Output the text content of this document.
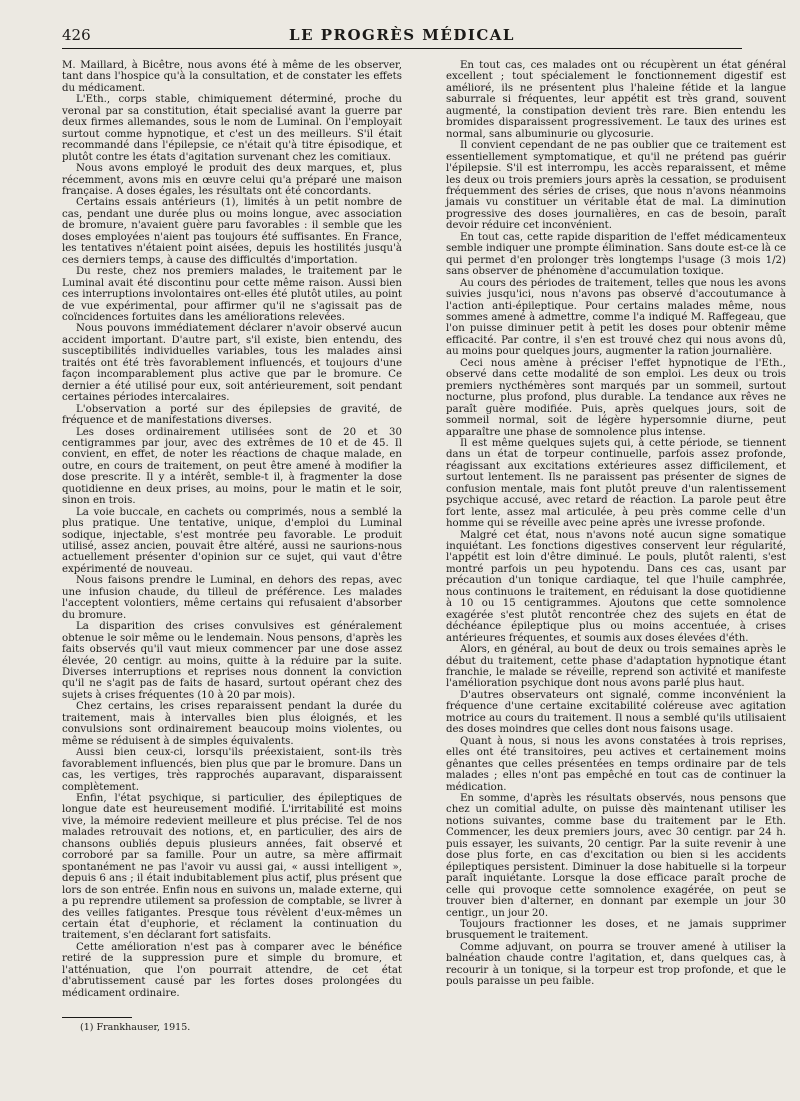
426	LE PROGRÈS MÉDICAL

M. Maillard, à Bicêtre, nous avons été à même de les observer, tant dans l'hospice qu'à la consultation, et de constater les effets du médicament.

L'Eth., corps stable, chimiquement déterminé, proche du veronal par sa constitution, était specialisé avant la guerre par deux firmes allemandes, sous le nom de Luminal. On l'employait surtout comme hypnotique, et c'est un des meilleurs. S'il était recommandé dans l'épilepsie, ce n'était qu'à titre épisodique, et plutôt contre les états d'agitation survenant chez les comitiaux.

Nous avons employé le produit des deux marques, et, plus récemment, avons mis en œuvre celui qu'a préparé une maison française. A doses égales, les résultats ont été concordants.

Certains essais antérieurs (1), limités à un petit nombre de cas, pendant une durée plus ou moins longue, avec association de bromure, n'avaient guère paru favorables : il semble que les doses employées n'aient pas toujours été suffisantes. En France, les tentatives n'étaient point aisées, depuis les hostilités jusqu'à ces derniers temps, à cause des difficultés d'importation.

Du reste, chez nos premiers malades, le traitement par le Luminal avait été discontinu pour cette même raison. Aussi bien ces interruptions involontaires ont-elles été plutôt utiles, au point de vue expérimental, pour affirmer qu'il ne s'agissait pas de coïncidences fortuites dans les améliorations relevées.

Nous pouvons immédiatement déclarer n'avoir observé aucun accident important. D'autre part, s'il existe, bien entendu, des susceptibilités individuelles variables, tous les malades ainsi traités ont été très favorablement influencés, et toujours d'une façon incomparablement plus active que par le bromure. Ce dernier a été utilisé pour eux, soit antérieurement, soit pendant certaines périodes intercalaires.

L'observation a porté sur des épilepsies de gravité, de fréquence et de manifestations diverses.

Les doses ordinairement utilisées sont de 20 et 30 centigrammes par jour, avec des extrêmes de 10 et de 45. Il convient, en effet, de noter les réactions de chaque malade, en outre, en cours de traitement, on peut être amené à modifier la dose prescrite. Il y a intérêt, semble-t il, à fragmenter la dose quotidienne en deux prises, au moins, pour le matin et le soir, sinon en trois.

La voie buccale, en cachets ou comprimés, nous a semblé la plus pratique. Une tentative, unique, d'emploi du Luminal sodique, injectable, s'est montrée peu favorable. Le produit utilisé, assez ancien, pouvait être altéré, aussi ne saurions-nous actuellement présenter d'opinion sur ce sujet, qui vaut d'être expérimenté de nouveau.

Nous faisons prendre le Luminal, en dehors des repas, avec une infusion chaude, du tilleul de préférence. Les malades l'acceptent volontiers, même certains qui refusaient d'absorber du bromure.

La disparition des crises convulsives est généralement obtenue le soir même ou le lendemain. Nous pensons, d'après les faits observés qu'il vaut mieux commencer par une dose assez élevée, 20 centigr. au moins, quitte à la réduire par la suite. Diverses interruptions et reprises nous donnent la conviction qu'il ne s'agit pas de faits de hasard, surtout opérant chez des sujets à crises fréquentes (10 à 20 par mois).

Chez certains, les crises reparaissent pendant la durée du traitement, mais à intervalles bien plus éloignés, et les convulsions sont ordinairement beaucoup moins violentes, ou même se réduisent à de simples équivalents.

Aussi bien ceux-ci, lorsqu'ils préexistaient, sont-ils très favorablement influencés, bien plus que par le bromure. Dans un cas, les vertiges, très rapprochés auparavant, disparaissent complètement.

Enfin, l'état psychique, si particulier, des épileptiques de longue date est heureusement modifié. L'irritabilité est moins vive, la mémoire redevient meilleure et plus précise. Tel de nos malades retrouvait des notions, et, en particulier, des airs de chansons oubliés depuis plusieurs années, fait observé et corroboré par sa famille. Pour un autre, sa mère affirmait spontanément ne pas l'avoir vu aussi gai, « aussi intelligent », depuis 6 ans ; il était indubitablement plus actif, plus présent que lors de son entrée. Enfin nous en suivons un, malade externe, qui a pu reprendre utilement sa profession de comptable, se livrer à des veilles fatigantes. Presque tous révèlent d'eux-mêmes un certain état d'euphorie, et réclament la continuation du traitement, s'en déclarant fort satisfaits.

Cette amélioration n'est pas à comparer avec le bénéfice retiré de la suppression pure et simple du bromure, et l'atténuation, que l'on pourrait attendre, de cet état d'abrutissement causé par les fortes doses prolongées du médicament ordinaire.

En tout cas, ces malades ont ou récupèrent un état général excellent ; tout spécialement le fonctionnement digestif est amélioré, ils ne présentent plus l'haleine fétide et la langue saburrale si fréquentes, leur appétit est très grand, souvent augmenté, la constipation devient très rare. Bien entendu les bromides disparaissent progressivement. Le taux des urines est normal, sans albuminurie ou glycosurie.

Il convient cependant de ne pas oublier que ce traitement est essentiellement symptomatique, et qu'il ne prétend pas guérir l'épilepsie. S'il est interrompu, les accès reparaissent, et même les deux ou trois premiers jours après la cessation, se produisent fréquemment des séries de crises, que nous n'avons néanmoins jamais vu constituer un véritable état de mal. La diminution progressive des doses journalières, en cas de besoin, paraît devoir réduire cet inconvénient.

En tout cas, cette rapide disparition de l'effet médicamenteux semble indiquer une prompte élimination. Sans doute est-ce là ce qui permet d'en prolonger très longtemps l'usage (3 mois 1/2) sans observer de phénomène d'accumulation toxique.

Au cours des périodes de traitement, telles que nous les avons suivies jusqu'ici, nous n'avons pas observé d'accoutumance à l'action anti-épileptique. Pour certains malades même, nous sommes amené à admettre, comme l'a indiqué M. Raffegeau, que l'on puisse diminuer petit à petit les doses pour obtenir même efficacité. Par contre, il s'en est trouvé chez qui nous avons dû, au moins pour quelques jours, augmenter la ration journalière.

Ceci nous amène à préciser l'effet hypnotique de l'Eth., observé dans cette modalité de son emploi. Les deux ou trois premiers nycthémères sont marqués par un sommeil, surtout nocturne, plus profond, plus durable. La tendance aux rêves ne paraît guère modifiée. Puis, après quelques jours, soit de sommeil normal, soit de légère hypersomnie diurne, peut apparaître une phase de somnolence plus intense.

Il est même quelques sujets qui, à cette période, se tiennent dans un état de torpeur continuelle, parfois assez profonde, réagissant aux excitations extérieures assez difficilement, et surtout lentement. Ils ne paraissent pas présenter de signes de confusion mentale, mais font plutôt preuve d'un ralentissement psychique accusé, avec retard de réaction. La parole peut être fort lente, assez mal articulée, à peu près comme celle d'un homme qui se réveille avec peine après une ivresse profonde.

Malgré cet état, nous n'avons noté aucun signe somatique inquiétant. Les fonctions digestives conservent leur régularité, l'appétit est loin d'être diminué. Le pouls, plutôt ralenti, s'est montré parfois un peu hypotendu. Dans ces cas, usant par précaution d'un tonique cardiaque, tel que l'huile camphrée, nous continuons le traitement, en réduisant la dose quotidienne à 10 ou 15 centigrammes. Ajoutons que cette somnolence exagérée s'est plutôt rencontrée chez des sujets en état de déchéance épileptique plus ou moins accentuée, à crises antérieures fréquentes, et soumis aux doses élevées d'éth.

Alors, en général, au bout de deux ou trois semaines après le début du traitement, cette phase d'adaptation hypnotique étant franchie, le malade se réveille, reprend son activité et manifeste l'amélioration psychique dont nous avons parlé plus haut.

D'autres observateurs ont signalé, comme inconvénient la fréquence d'une certaine excitabilité coléreuse avec agitation motrice au cours du traitement. Il nous a semblé qu'ils utilisaient des doses moindres que celles dont nous faisons usage.

Quant à nous, si nous les avons constatées à trois reprises, elles ont été transitoires, peu actives et certainement moins gênantes que celles présentées en temps ordinaire par de tels malades ; elles n'ont pas empêché en tout cas de continuer la médication.

En somme, d'après les résultats observés, nous pensons que chez un comitial adulte, on puisse dès maintenant utiliser les notions suivantes, comme base du traitement par le Eth. Commencer, les deux premiers jours, avec 30 centigr. par 24 h. puis essayer, les suivants, 20 centigr. Par la suite revenir à une dose plus forte, en cas d'excitation ou bien si les accidents épileptiques persistent. Diminuer la dose habituelle si la torpeur paraît inquiétante. Lorsque la dose efficace paraît proche de celle qui provoque cette somnolence exagérée, on peut se trouver bien d'alterner, en donnant par exemple un jour 30 centigr., un jour 20.

Toujours fractionner les doses, et ne jamais supprimer brusquement le traitement.

Comme adjuvant, on pourra se trouver amené à utiliser la balnéation chaude contre l'agitation, et, dans quelques cas, à recourir à un tonique, si la torpeur est trop profonde, et que le pouls paraisse un peu faible.

(1) Frankhauser, 1915.
